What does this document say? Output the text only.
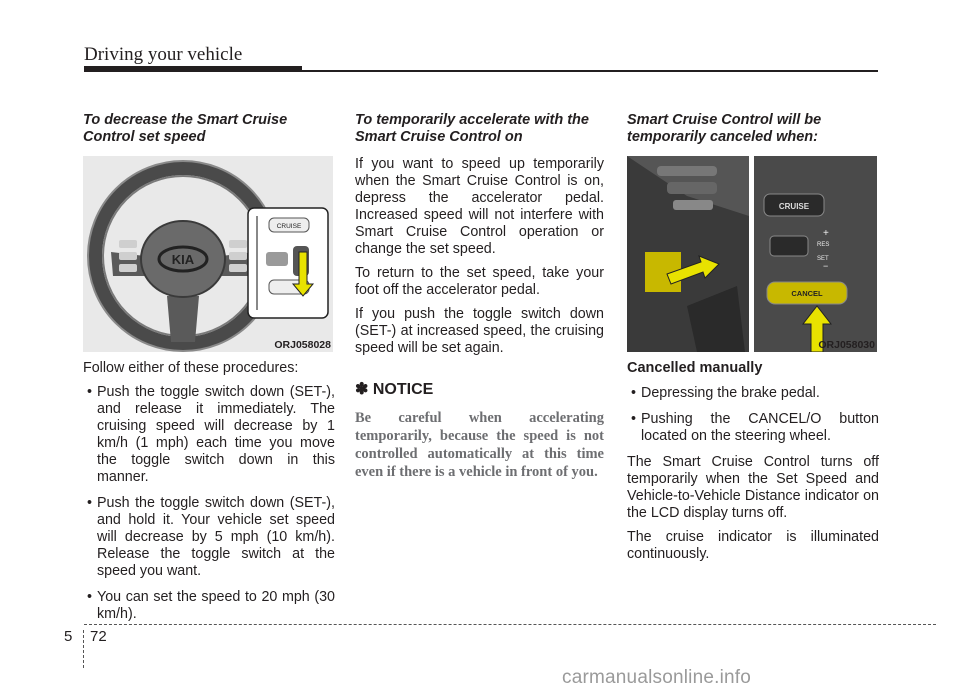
Driving your vehicle
To decrease the Smart Cruise Control set speed
KIA
CRUISE
ORJ058028
Follow either of these procedures:
• Push the toggle switch down (SET-), and release it immediately. The cruising speed will decrease by 1 km/h (1 mph) each time you move the toggle switch down in this manner.
• Push the toggle switch down (SET-), and hold it. Your vehicle set speed will decrease by 5 mph (10 km/h). Release the toggle switch at the speed you want.
• You can set the speed to 20 mph (30 km/h).
To temporarily accelerate with the Smart Cruise Control on
If you want to speed up temporarily when the Smart Cruise Control is on, depress the accelerator pedal. Increased speed will not interfere with Smart Cruise Control operation or change the set speed.
To return to the set speed, take your foot off the accelerator pedal.
If you push the toggle switch down (SET-) at increased speed, the cruising speed will be set again.
✽ NOTICE

Be careful when accelerating temporarily, because the speed is not controlled automatically at this time even if there is a vehicle in front of you.

Smart Cruise Control will be temporarily canceled when:
CRUISE
+
RES
SET
−
CANCEL
ORJ058030
Cancelled manually
• Depressing the brake pedal.
• Pushing the CANCEL/O button located on the steering wheel.
The Smart Cruise Control turns off temporarily when the Set Speed and Vehicle-to-Vehicle Distance indicator on the LCD display turns off.
The cruise indicator is illuminated continuously.
5 72
carmanualsonline.info
